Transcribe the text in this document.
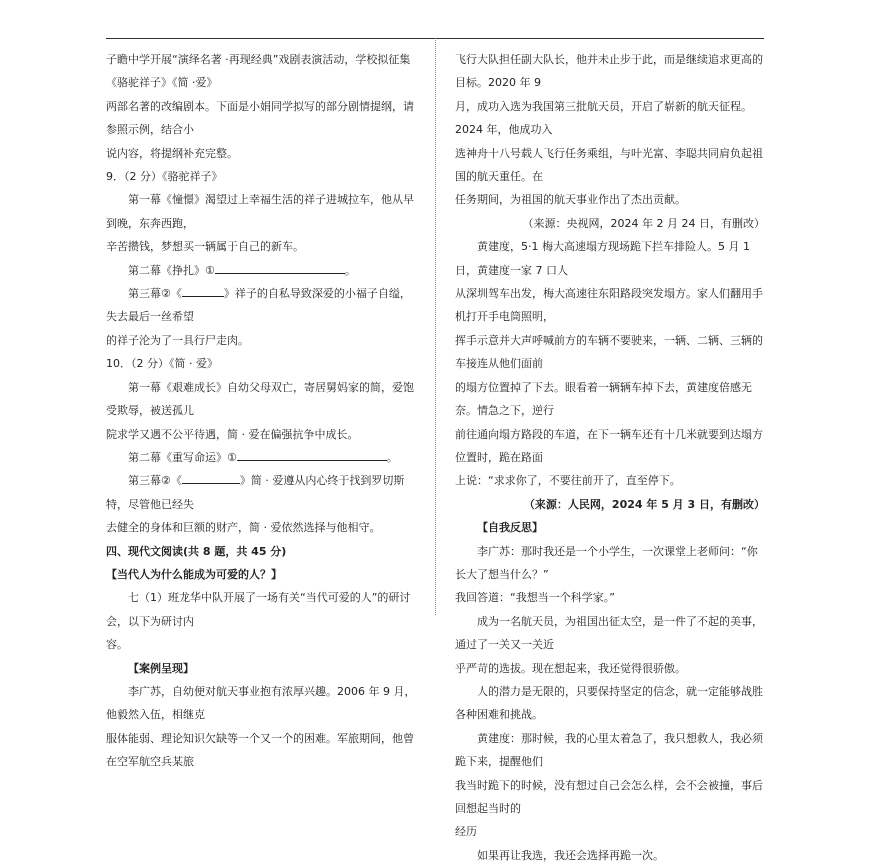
子瞻中学开展“演绎名著 ·再现经典”戏剧表演活动，学校拟征集《骆驼祥子》《简 ·爱》

两部名著的改编剧本。下面是小娟同学拟写的部分剧情提纲，请参照示例，结合小

说内容，将提纲补充完整。

9．（2 分）《骆驼祥子》

第一幕《憧憬》渴望过上幸福生活的祥子进城拉车，他从早到晚，东奔西跑，

辛苦攒钱，梦想买一辆属于自己的新车。

第二幕《挣扎》①	。

第三幕②《	》祥子的自私导致深爱的小福子自缢，失去最后一丝希望

的祥子沦为了一具行尸走肉。

10．（2 分）《简 · 爱》

第一幕《艰难成长》自幼父母双亡，寄居舅妈家的简，爱饱受欺辱，被送孤儿

院求学又遇不公平待遇，简 · 爱在偏强抗争中成长。

第二幕《重写命运》①	。

第三幕②《	》简 · 爱遵从内心终于找到罗切斯特，尽管他已经失

去健全的身体和巨额的财产，简 · 爱依然选择与他相守。

四、现代文阅读(共 8 题，共 45 分)

【当代人为什么能成为可爱的人？】

七（1）班龙华中队开展了一场有关“当代可爱的人”的研讨会，以下为研讨内

容。

【案例呈现】

李广苏，自幼便对航天事业抱有浓厚兴趣。2006 年 9 月，他毅然入伍，相继克

服体能弱、理论知识欠缺等一个又一个的困难。军旅期间，他曾在空军航空兵某旅

飞行大队担任副大队长，他并未止步于此，而是继续追求更高的目标。2020 年 9

月，成功入选为我国第三批航天员，开启了崭新的航天征程。2024 年，他成功入

选神舟十八号载人飞行任务乘组，与叶光富、李聪共同肩负起祖国的航天重任。在

任务期间，为祖国的航天事业作出了杰出贡献。

（来源：央视网，2024 年 2 月 24 日，有删改）

黄建度，5·1 梅大高速塌方现场跪下拦车排险人。5 月 1 日，黄建度一家 7 口人

从深圳驾车出发，梅大高速往东阳路段突发塌方。家人们翻用手机打开手电筒照明，

挥手示意并大声呼喊前方的车辆不要驶来，一辆、二辆、三辆的车接连从他们面前

的塌方位置掉了下去。眼看着一辆辆车掉下去，黄建度倍感无奈。情急之下，逆行

前往通向塌方路段的车道，在下一辆车还有十几米就要到达塌方位置时，跪在路面

上说：“求求你了，不要往前开了，直至停下。

（来源：人民网，2024 年 5 月 3 日，有删改）

【自我反思】

李广苏：那时我还是一个小学生，一次课堂上老师问：“你长大了想当什么？”

我回答道：“我想当一个科学家。”

成为一名航天员，为祖国出征太空，是一件了不起的美事，通过了一关又一关近

乎严苛的选拔。现在想起来，我还觉得很骄傲。

人的潜力是无限的，只要保持坚定的信念，就一定能够战胜各种困难和挑战。

黄建度：那时候，我的心里太着急了，我只想救人，我必须跪下来，提醒他们

我当时跪下的时候，没有想过自己会怎么样，会不会被撞，事后回想起当时的

经历

如果再让我选，我还会选择再跪一次。
